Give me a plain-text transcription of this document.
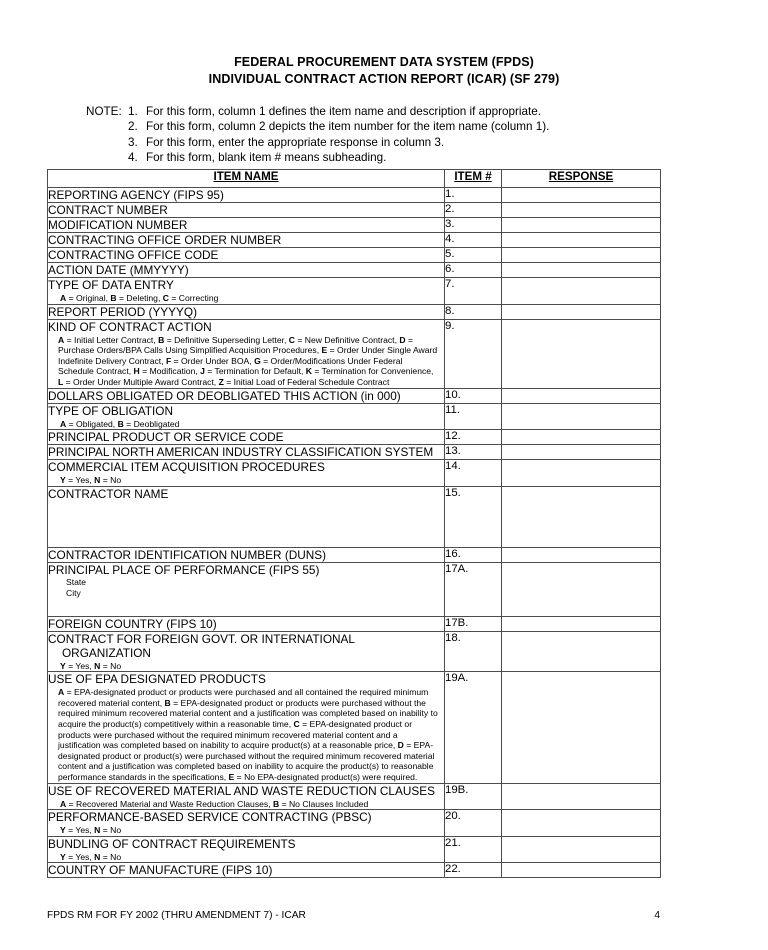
FEDERAL PROCUREMENT DATA SYSTEM (FPDS)
INDIVIDUAL CONTRACT ACTION REPORT (ICAR) (SF 279)
NOTE: 1. For this form, column 1 defines the item name and description if appropriate.
2. For this form, column 2 depicts the item number for the item name (column 1).
3. For this form, enter the appropriate response in column 3.
4. For this form, blank item # means subheading.
ITEM NAME	ITEM #	RESPONSE

REPORTING AGENCY (FIPS 95)	1.	

CONTRACT NUMBER	2.	

MODIFICATION NUMBER	3.	

CONTRACTING OFFICE ORDER NUMBER	4.	

CONTRACTING OFFICE CODE	5.	

ACTION DATE (MMYYYY)	6.	

TYPE OF DATA ENTRY
A = Original, B = Deleting, C = Correcting	7.	

REPORT PERIOD (YYYYQ)	8.	

KIND OF CONTRACT ACTION
A = Initial Letter Contract, B = Definitive Superseding Letter, C = New Definitive Contract, D = Purchase Orders/BPA Calls Using Simplified Acquisition Procedures, E = Order Under Single Award Indefinite Delivery Contract, F = Order Under BOA, G = Order/Modifications Under Federal Schedule Contract, H = Modification, J = Termination for Default, K = Termination for Convenience, L = Order Under Multiple Award Contract, Z = Initial Load of Federal Schedule Contract	9.	

DOLLARS OBLIGATED OR DEOBLIGATED THIS ACTION (in 000)	10.	

TYPE OF OBLIGATION
A = Obligated, B = Deobligated	11.	

PRINCIPAL PRODUCT OR SERVICE CODE	12.	

PRINCIPAL NORTH AMERICAN INDUSTRY CLASSIFICATION SYSTEM	13.	

COMMERCIAL ITEM ACQUISITION PROCEDURES
Y = Yes, N = No	14.	

CONTRACTOR NAME	15.	

CONTRACTOR IDENTIFICATION NUMBER (DUNS)	16.	

PRINCIPAL PLACE OF PERFORMANCE (FIPS 55)
State
City	17A.	

FOREIGN COUNTRY (FIPS 10)	17B.	

CONTRACT FOR FOREIGN GOVT. OR INTERNATIONAL
ORGANIZATION
Y = Yes, N = No	18.	

USE OF EPA DESIGNATED PRODUCTS
A = EPA-designated product or products were purchased and all contained the required minimum recovered material content, B = EPA-designated product or products were purchased without the required minimum recovered material content and a justification was completed based on inability to acquire the product(s) competitively within a reasonable time, C = EPA-designated product or products were purchased without the required minimum recovered material content and a justification was completed based on inability to acquire product(s) at a reasonable price, D = EPA-designated product or product(s) were purchased without the required minimum recovered material content and a justification was completed based on inability to acquire the product(s) to reasonable performance standards in the specifications, E = No EPA-designated product(s) were required.	19A.	

USE OF RECOVERED MATERIAL AND WASTE REDUCTION CLAUSES
A = Recovered Material and Waste Reduction Clauses, B = No Clauses Included	19B.	

PERFORMANCE-BASED SERVICE CONTRACTING (PBSC)
Y = Yes, N = No	20.	

BUNDLING OF CONTRACT REQUIREMENTS
Y = Yes, N = No	21.	

COUNTRY OF MANUFACTURE (FIPS 10)	22.	
FPDS RM FOR FY 2002 (THRU AMENDMENT 7) - ICAR	4
